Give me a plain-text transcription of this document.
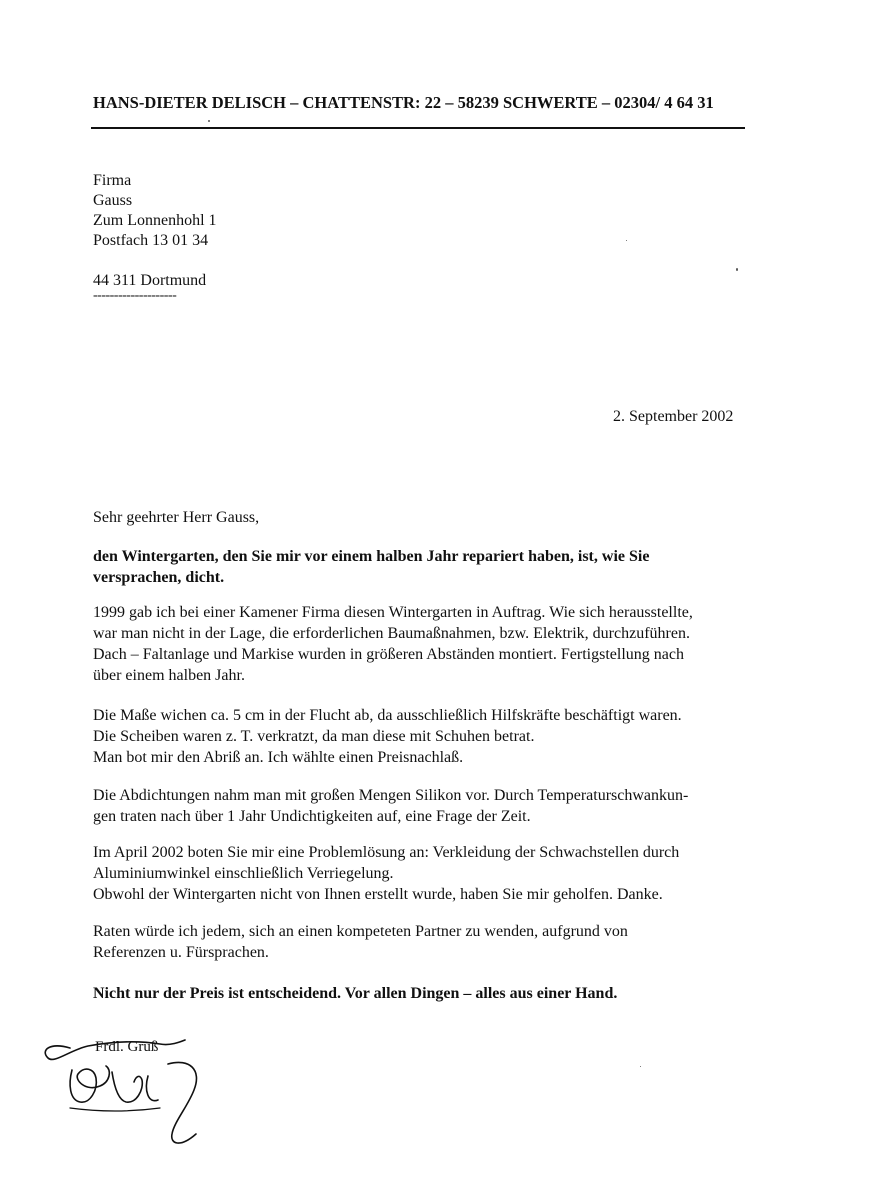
HANS-DIETER DELISCH – CHATTENSTR: 22 – 58239 SCHWERTE – 02304/ 4 64 31
Firma
Gauss
Zum Lonnenhohl 1
Postfach 13 01 34
44 311 Dortmund
--------------------
2. September 2002

Sehr geehrter Herr Gauss,

den Wintergarten, den Sie mir vor einem halben Jahr repariert haben, ist, wie Sie
versprachen, dicht.

1999 gab ich bei einer Kamener Firma diesen Wintergarten in Auftrag. Wie sich herausstellte,
war man nicht in der Lage, die erforderlichen Baumaßnahmen, bzw. Elektrik, durchzuführen.
Dach – Faltanlage und Markise wurden in größeren Abständen montiert. Fertigstellung nach
über einem halben Jahr.

Die Maße wichen ca. 5 cm in der Flucht ab, da ausschließlich Hilfskräfte beschäftigt waren.
Die Scheiben waren z. T. verkratzt, da man diese mit Schuhen betrat.
Man bot mir den Abriß an. Ich wählte einen Preisnachlaß.

Die Abdichtungen nahm man mit großen Mengen Silikon vor. Durch Temperaturschwankun-
gen traten nach über 1 Jahr Undichtigkeiten auf, eine Frage der Zeit.

Im April 2002 boten Sie mir eine Problemlösung an: Verkleidung der Schwachstellen durch
Aluminiumwinkel einschließlich Verriegelung.
Obwohl der Wintergarten nicht von Ihnen erstellt wurde, haben Sie mir geholfen. Danke.

Raten würde ich jedem, sich an einen kompeteten Partner zu wenden, aufgrund von
Referenzen u. Fürsprachen.

Nicht nur der Preis ist entscheidend. Vor allen Dingen – alles aus einer Hand.

Frdl. Gruß
